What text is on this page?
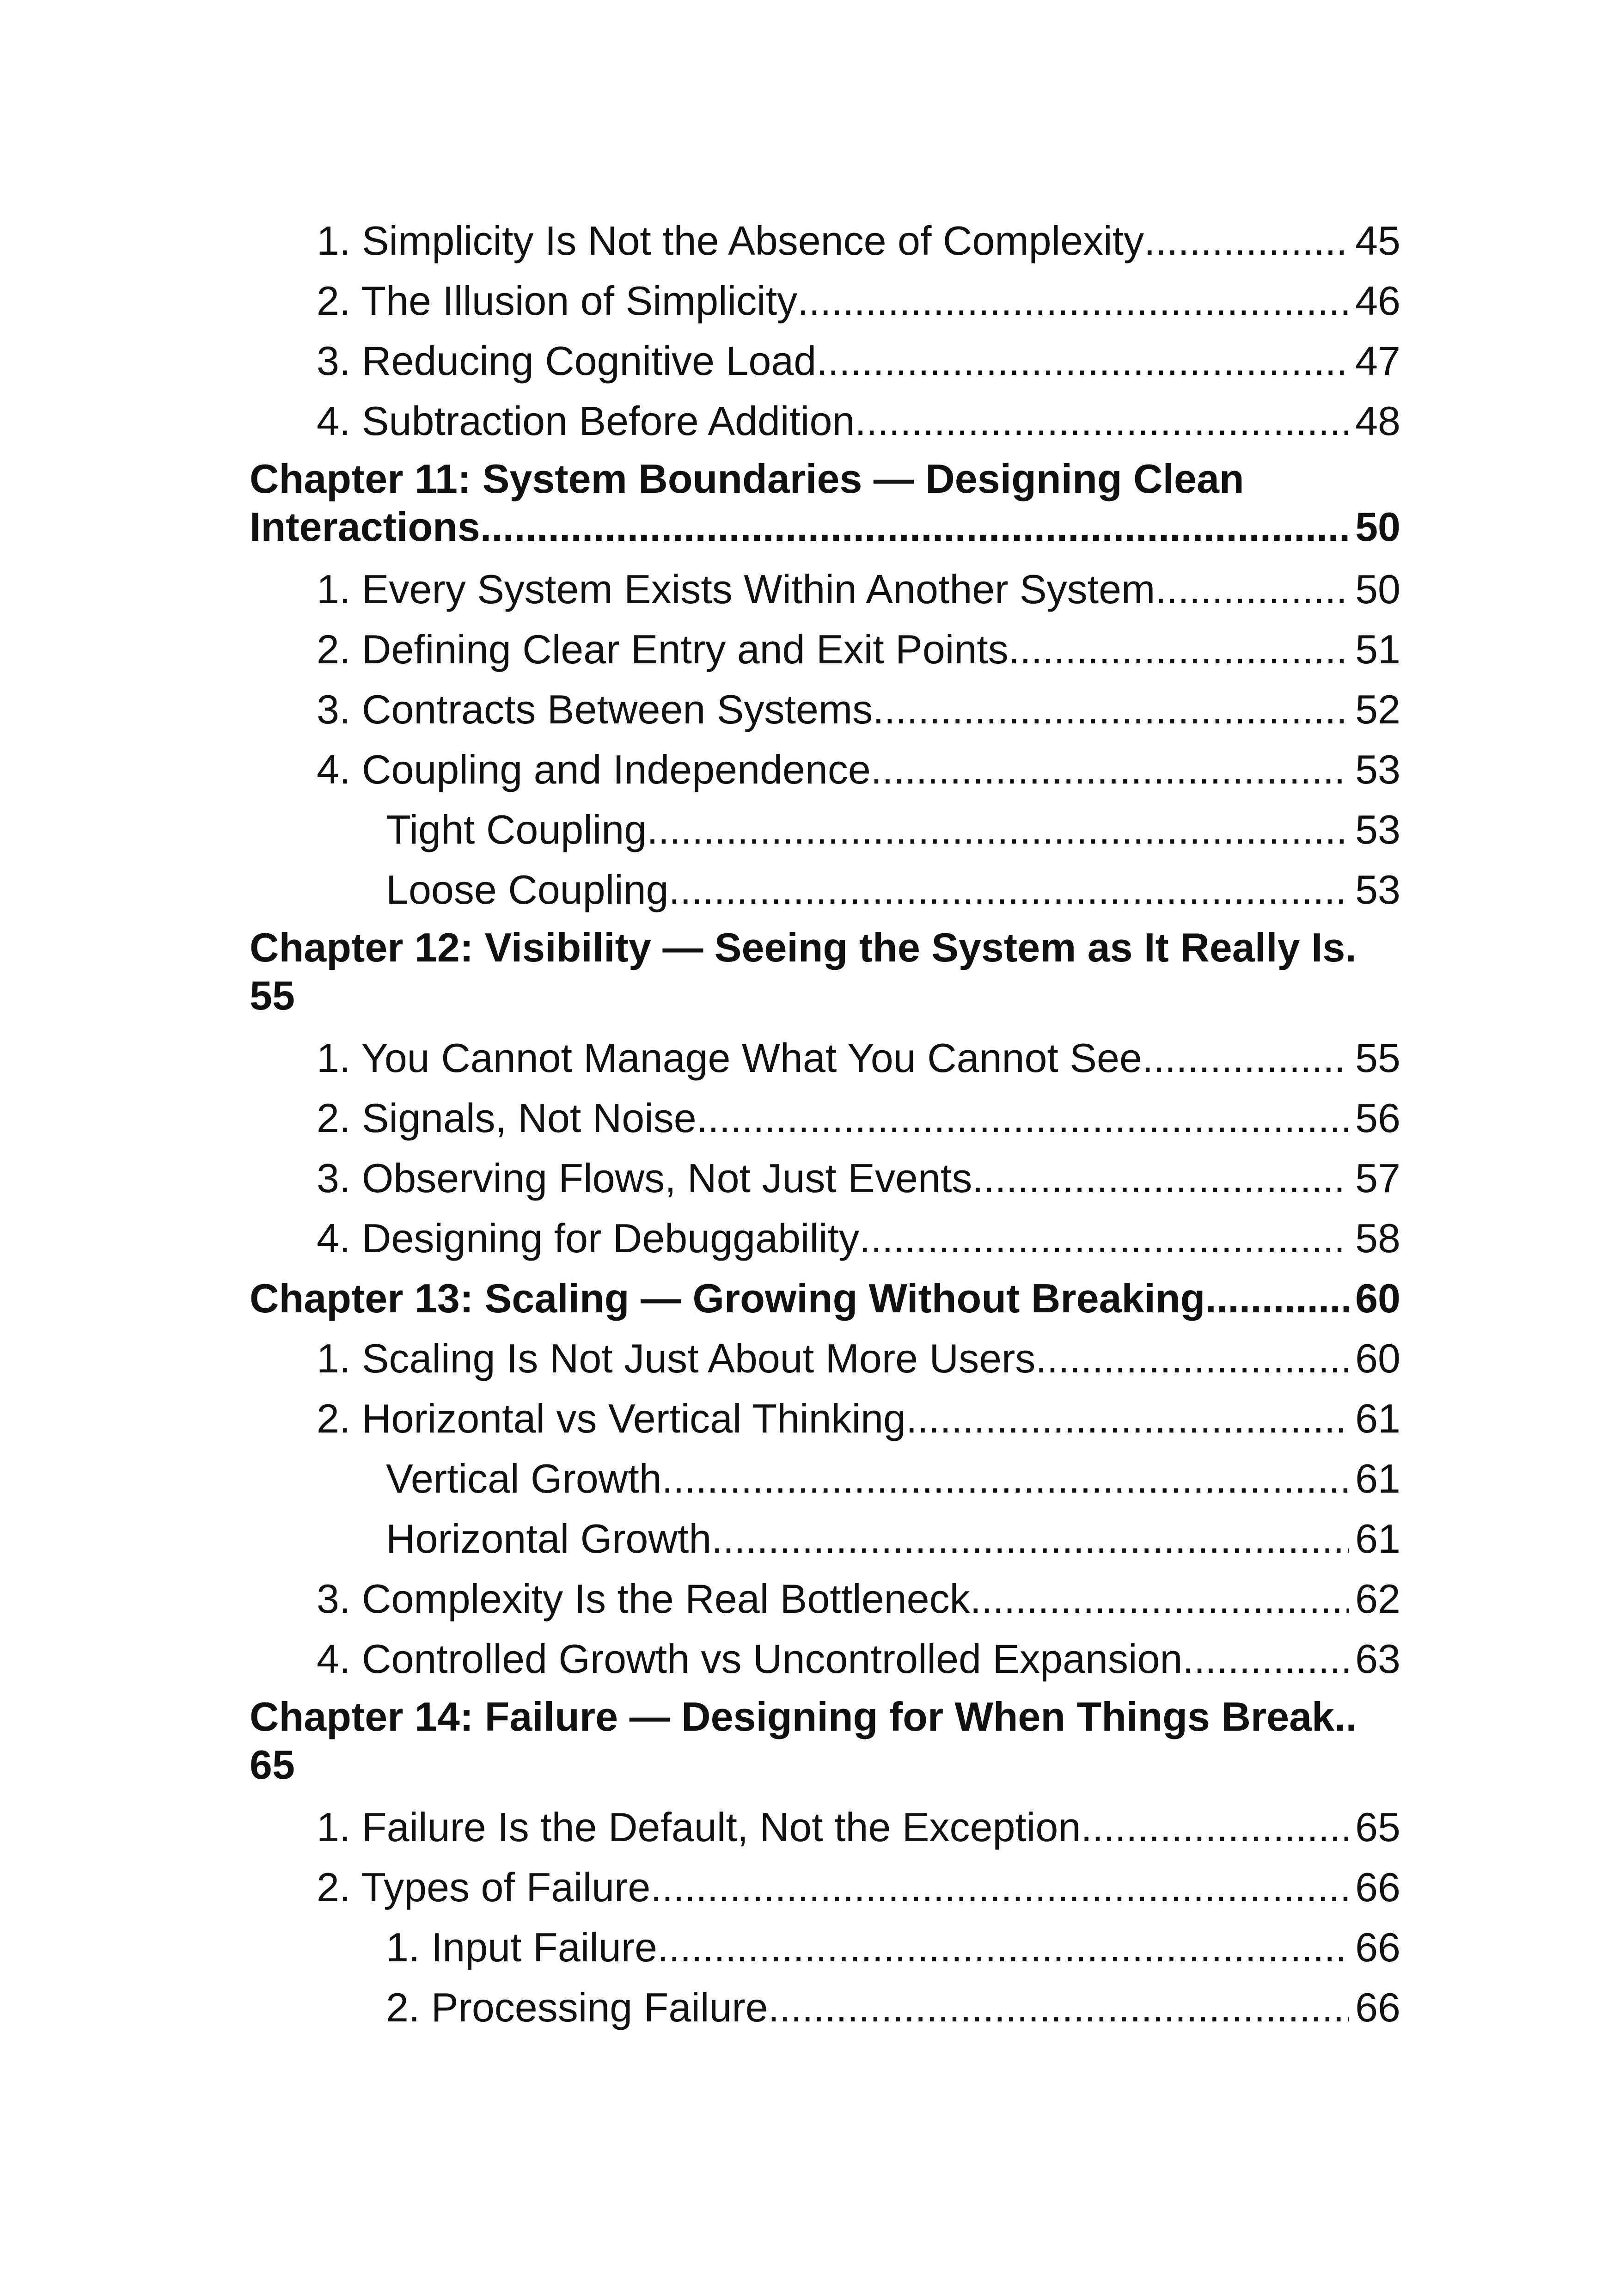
1. Simplicity Is Not the Absence of Complexity .....	45
2. The Illusion of Simplicity .....	46
3. Reducing Cognitive Load .....	47
4. Subtraction Before Addition .....	48
Chapter 11: System Boundaries — Designing Clean
Interactions .....	50
1. Every System Exists Within Another System .....	50
2. Defining Clear Entry and Exit Points .....	51
3. Contracts Between Systems .....	52
4. Coupling and Independence .....	53
Tight Coupling .....	53
Loose Coupling .....	53
Chapter 12: Visibility — Seeing the System as It Really Is.
55
1. You Cannot Manage What You Cannot See .....	55
2. Signals, Not Noise .....	56
3. Observing Flows, Not Just Events .....	57
4. Designing for Debuggability .....	58
Chapter 13: Scaling — Growing Without Breaking .....	60
1. Scaling Is Not Just About More Users .....	60
2. Horizontal vs Vertical Thinking .....	61
Vertical Growth .....	61
Horizontal Growth .....	61
3. Complexity Is the Real Bottleneck .....	62
4. Controlled Growth vs Uncontrolled Expansion .....	63
Chapter 14: Failure — Designing for When Things Break..
65
1. Failure Is the Default, Not the Exception .....	65
2. Types of Failure .....	66
1. Input Failure .....	66
2. Processing Failure .....	66
